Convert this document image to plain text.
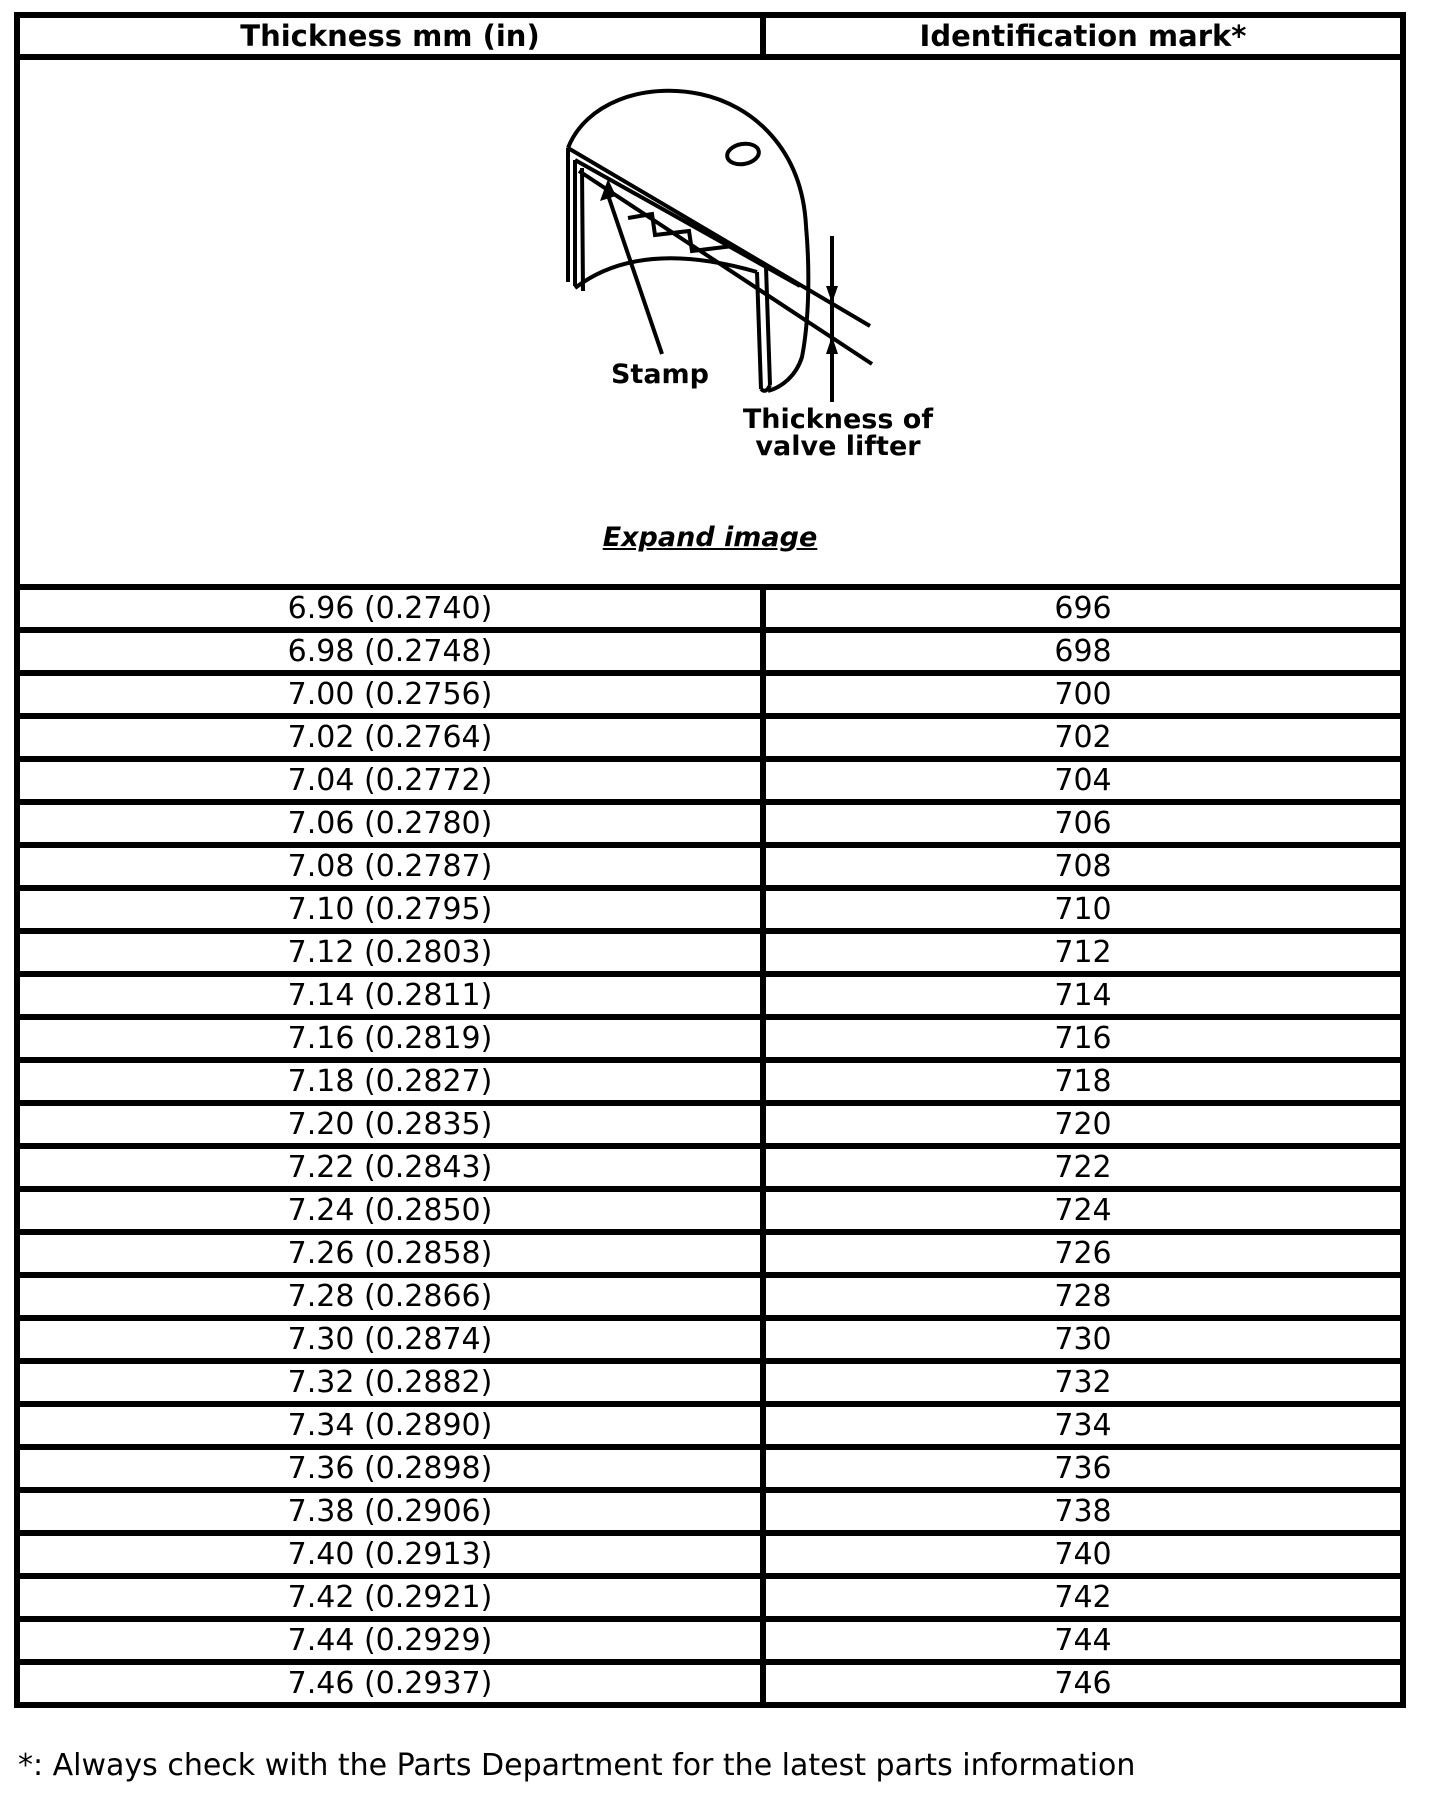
Thickness mm (in)	Identification mark*

Stamp
Thickness of
valve lifter
Expand image	

6.96 (0.2740)	696
6.98 (0.2748)	698
7.00 (0.2756)	700
7.02 (0.2764)	702
7.04 (0.2772)	704
7.06 (0.2780)	706
7.08 (0.2787)	708
7.10 (0.2795)	710
7.12 (0.2803)	712
7.14 (0.2811)	714
7.16 (0.2819)	716
7.18 (0.2827)	718
7.20 (0.2835)	720
7.22 (0.2843)	722
7.24 (0.2850)	724
7.26 (0.2858)	726
7.28 (0.2866)	728
7.30 (0.2874)	730
7.32 (0.2882)	732
7.34 (0.2890)	734
7.36 (0.2898)	736
7.38 (0.2906)	738
7.40 (0.2913)	740
7.42 (0.2921)	742
7.44 (0.2929)	744
7.46 (0.2937)	746
*: Always check with the Parts Department for the latest parts information
